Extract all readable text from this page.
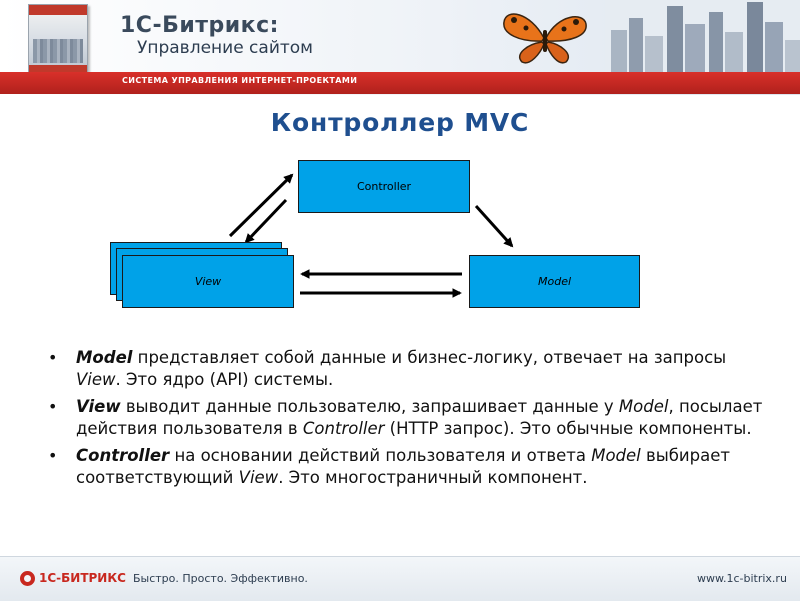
1С-Битрикс:
Управление сайтом
СИСТЕМА УПРАВЛЕНИЯ ИНТЕРНЕТ-ПРОЕКТАМИ
Контроллер MVC
Controller
View	Model
• Model представляет собой данные и бизнес-логику, отвечает на запросы View. Это ядро (API) системы.
• View выводит данные пользователю, запрашивает данные у Model, посылает действия пользователя в Controller (HTTP запрос). Это обычные компоненты.
• Controller на основании действий пользователя и ответа Model выбирает соответствующий View. Это многостраничный компонент.
1С-БИТРИКС Быстро. Просто. Эффективно.	www.1c-bitrix.ru
